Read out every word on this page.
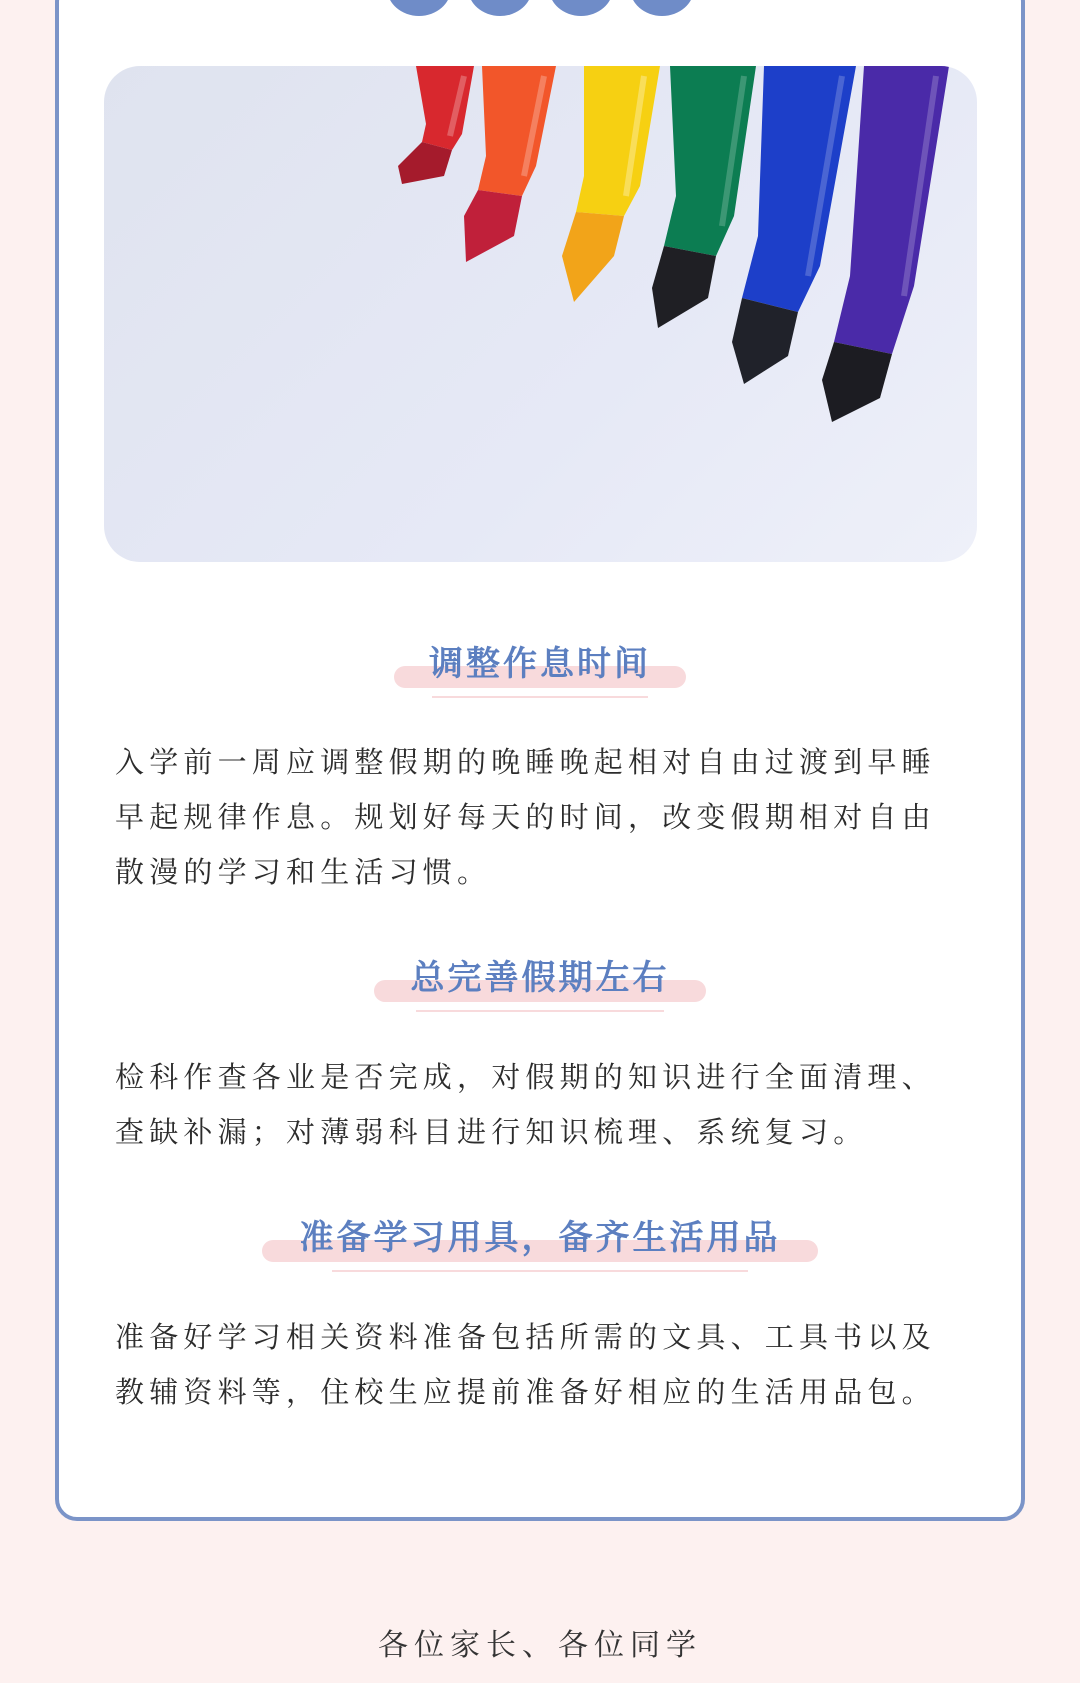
调整作息时间

入学前一周应调整假期的晚睡晚起相对自由过渡到早睡早起规律作息。规划好每天的时间，改变假期相对自由散漫的学习和生活习惯。

总完善假期左右

检科作查各业是否完成，对假期的知识进行全面清理、查缺补漏；对薄弱科目进行知识梳理、系统复习。

准备学习用具，备齐生活用品

准备好学习相关资料准备包括所需的文具、工具书以及教辅资料等，住校生应提前准备好相应的生活用品包。

各位家长、各位同学
